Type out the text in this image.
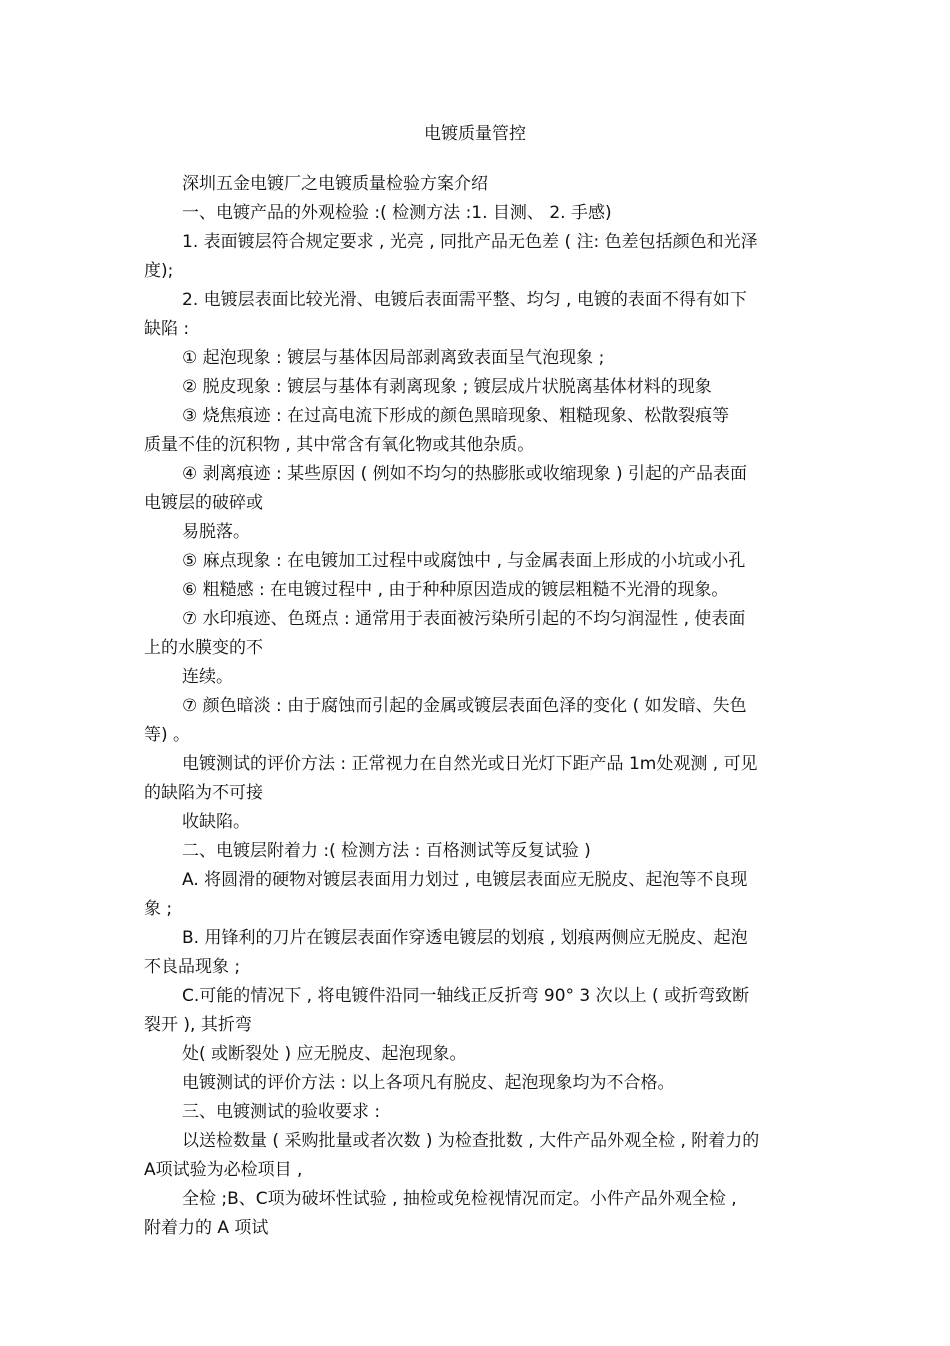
电镀质量管控
深圳五金电镀厂之电镀质量检验方案介绍
一、电镀产品的外观检验 :( 检测方法 :1. 目测、 2. 手感)
1. 表面镀层符合规定要求 , 光亮 , 同批产品无色差 ( 注: 色差包括颜色和光泽
度);
2. 电镀层表面比较光滑、电镀后表面需平整、均匀 , 电镀的表面不得有如下
缺陷 :
① 起泡现象 : 镀层与基体因局部剥离致表面呈气泡现象 ;
② 脱皮现象 : 镀层与基体有剥离现象 ; 镀层成片状脱离基体材料的现象
③ 烧焦痕迹 : 在过高电流下形成的颜色黑暗现象、粗糙现象、松散裂痕等
质量不佳的沉积物 , 其中常含有氧化物或其他杂质。
④ 剥离痕迹 : 某些原因 ( 例如不均匀的热膨胀或收缩现象 ) 引起的产品表面
电镀层的破碎或
易脱落。
⑤ 麻点现象 : 在电镀加工过程中或腐蚀中 , 与金属表面上形成的小坑或小孔
⑥ 粗糙感 : 在电镀过程中 , 由于种种原因造成的镀层粗糙不光滑的现象。
⑦ 水印痕迹、色斑点 : 通常用于表面被污染所引起的不均匀润湿性 , 使表面
上的水膜变的不
连续。
⑦ 颜色暗淡 : 由于腐蚀而引起的金属或镀层表面色泽的变化 ( 如发暗、失色
等) 。
电镀测试的评价方法 : 正常视力在自然光或日光灯下距产品 1m处观测 , 可见
的缺陷为不可接
收缺陷。
二、电镀层附着力 :( 检测方法 : 百格测试等反复试验 )
A. 将圆滑的硬物对镀层表面用力划过 , 电镀层表面应无脱皮、起泡等不良现
象 ;
B. 用锋利的刀片在镀层表面作穿透电镀层的划痕 , 划痕两侧应无脱皮、起泡
不良品现象 ;
C.可能的情况下 , 将电镀件沿同一轴线正反折弯 90° 3 次以上 ( 或折弯致断
裂开 ), 其折弯
处( 或断裂处 ) 应无脱皮、起泡现象。
电镀测试的评价方法 : 以上各项凡有脱皮、起泡现象均为不合格。
三、电镀测试的验收要求 :
以送检数量 ( 采购批量或者次数 ) 为检查批数 , 大件产品外观全检 , 附着力的
A项试验为必检项目 ,
全检 ;B、C项为破坏性试验 , 抽检或免检视情况而定。小件产品外观全检 ,
附着力的 A 项试
